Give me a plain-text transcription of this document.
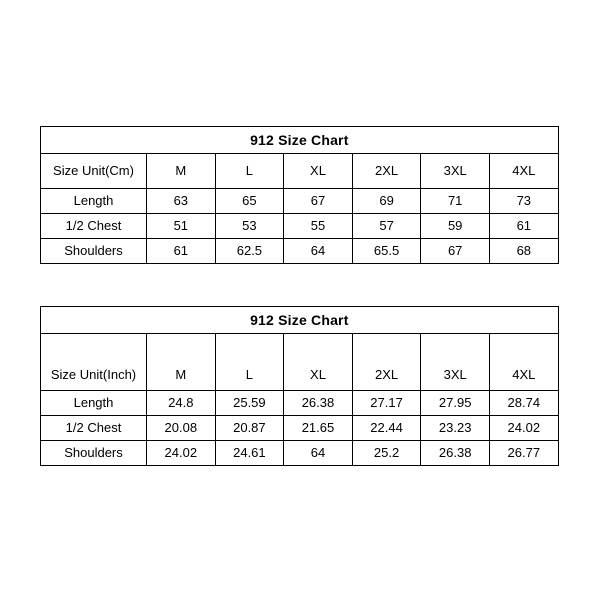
912 Size Chart						
Size Unit(Cm)	M	L	XL	2XL	3XL	4XL
Length	63	65	67	69	71	73
1/2 Chest	51	53	55	57	59	61
Shoulders	61	62.5	64	65.5	67	68
912 Size Chart						

Size Unit(Inch)	M	L	XL	2XL	3XL	4XL

Length	24.8	25.59	26.38	27.17	27.95	28.74
1/2 Chest	20.08	20.87	21.65	22.44	23.23	24.02
Shoulders	24.02	24.61	64	25.2	26.38	26.77
